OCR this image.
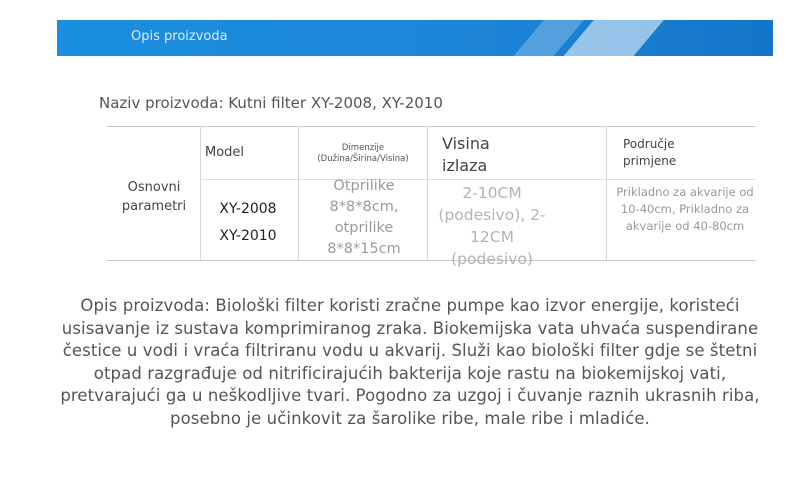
Opis proizvoda
Naziv proizvoda: Kutni filter XY-2008, XY-2010
Osnovni parametri
Model	Dimenzije
(Dužina/Širina/Visina)
Visina izlaza
Područje primjene
XY-2008
XY-2010
Otprilike 8*8*8cm, otprilike 8*8*15cm
2-10CM (podesivo), 2-12CM (podesivo)
Prikladno za akvarije od 10-40cm, Prikladno za akvarije od 40-80cm
Opis proizvoda: Biološki filter koristi zračne pumpe kao izvor energije, koristeći usisavanje iz sustava komprimiranog zraka. Biokemijska vata uhvaća suspendirane čestice u vodi i vraća filtriranu vodu u akvarij. Služi kao biološki filter gdje se štetni otpad razgrađuje od nitrificirajućih bakterija koje rastu na biokemijskoj vati, pretvarajući ga u neškodljive tvari. Pogodno za uzgoj i čuvanje raznih ukrasnih riba, posebno je učinkovit za šarolike ribe, male ribe i mladiće.
